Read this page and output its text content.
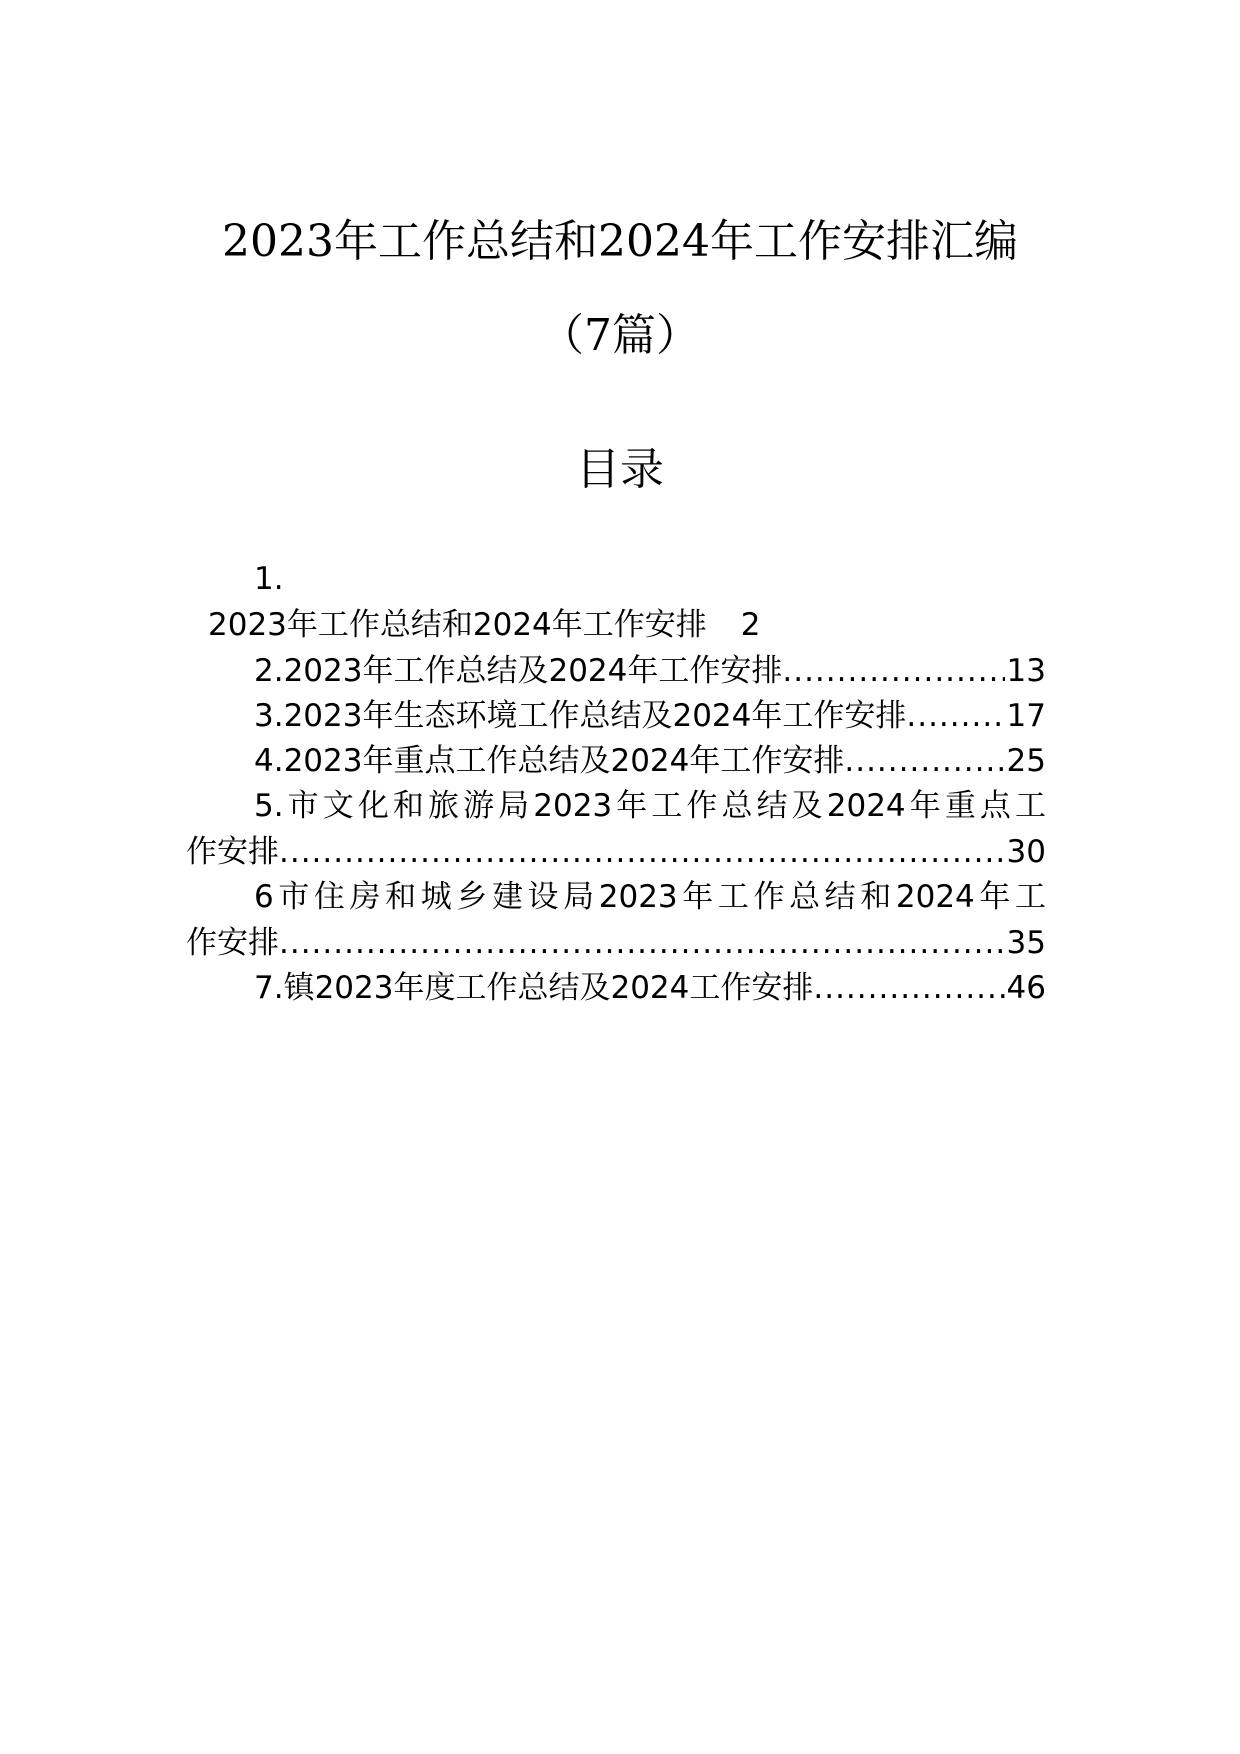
2023年工作总结和2024年工作安排汇编
（7篇）
目录
1.
2023年工作总结和2024年工作安排 2
2.2023年工作总结及2024年工作安排 .....	13
3.2023年生态环境工作总结及2024年工作安排 .....	17
4.2023年重点工作总结及2024年工作安排 .....	25
5.市文化和旅游局2023年工作总结及2024年重点工
作安排 .....	30
6市住房和城乡建设局2023年工作总结和2024年工
作安排 .....	35
7.镇2023年度工作总结及2024工作安排 .....	46
